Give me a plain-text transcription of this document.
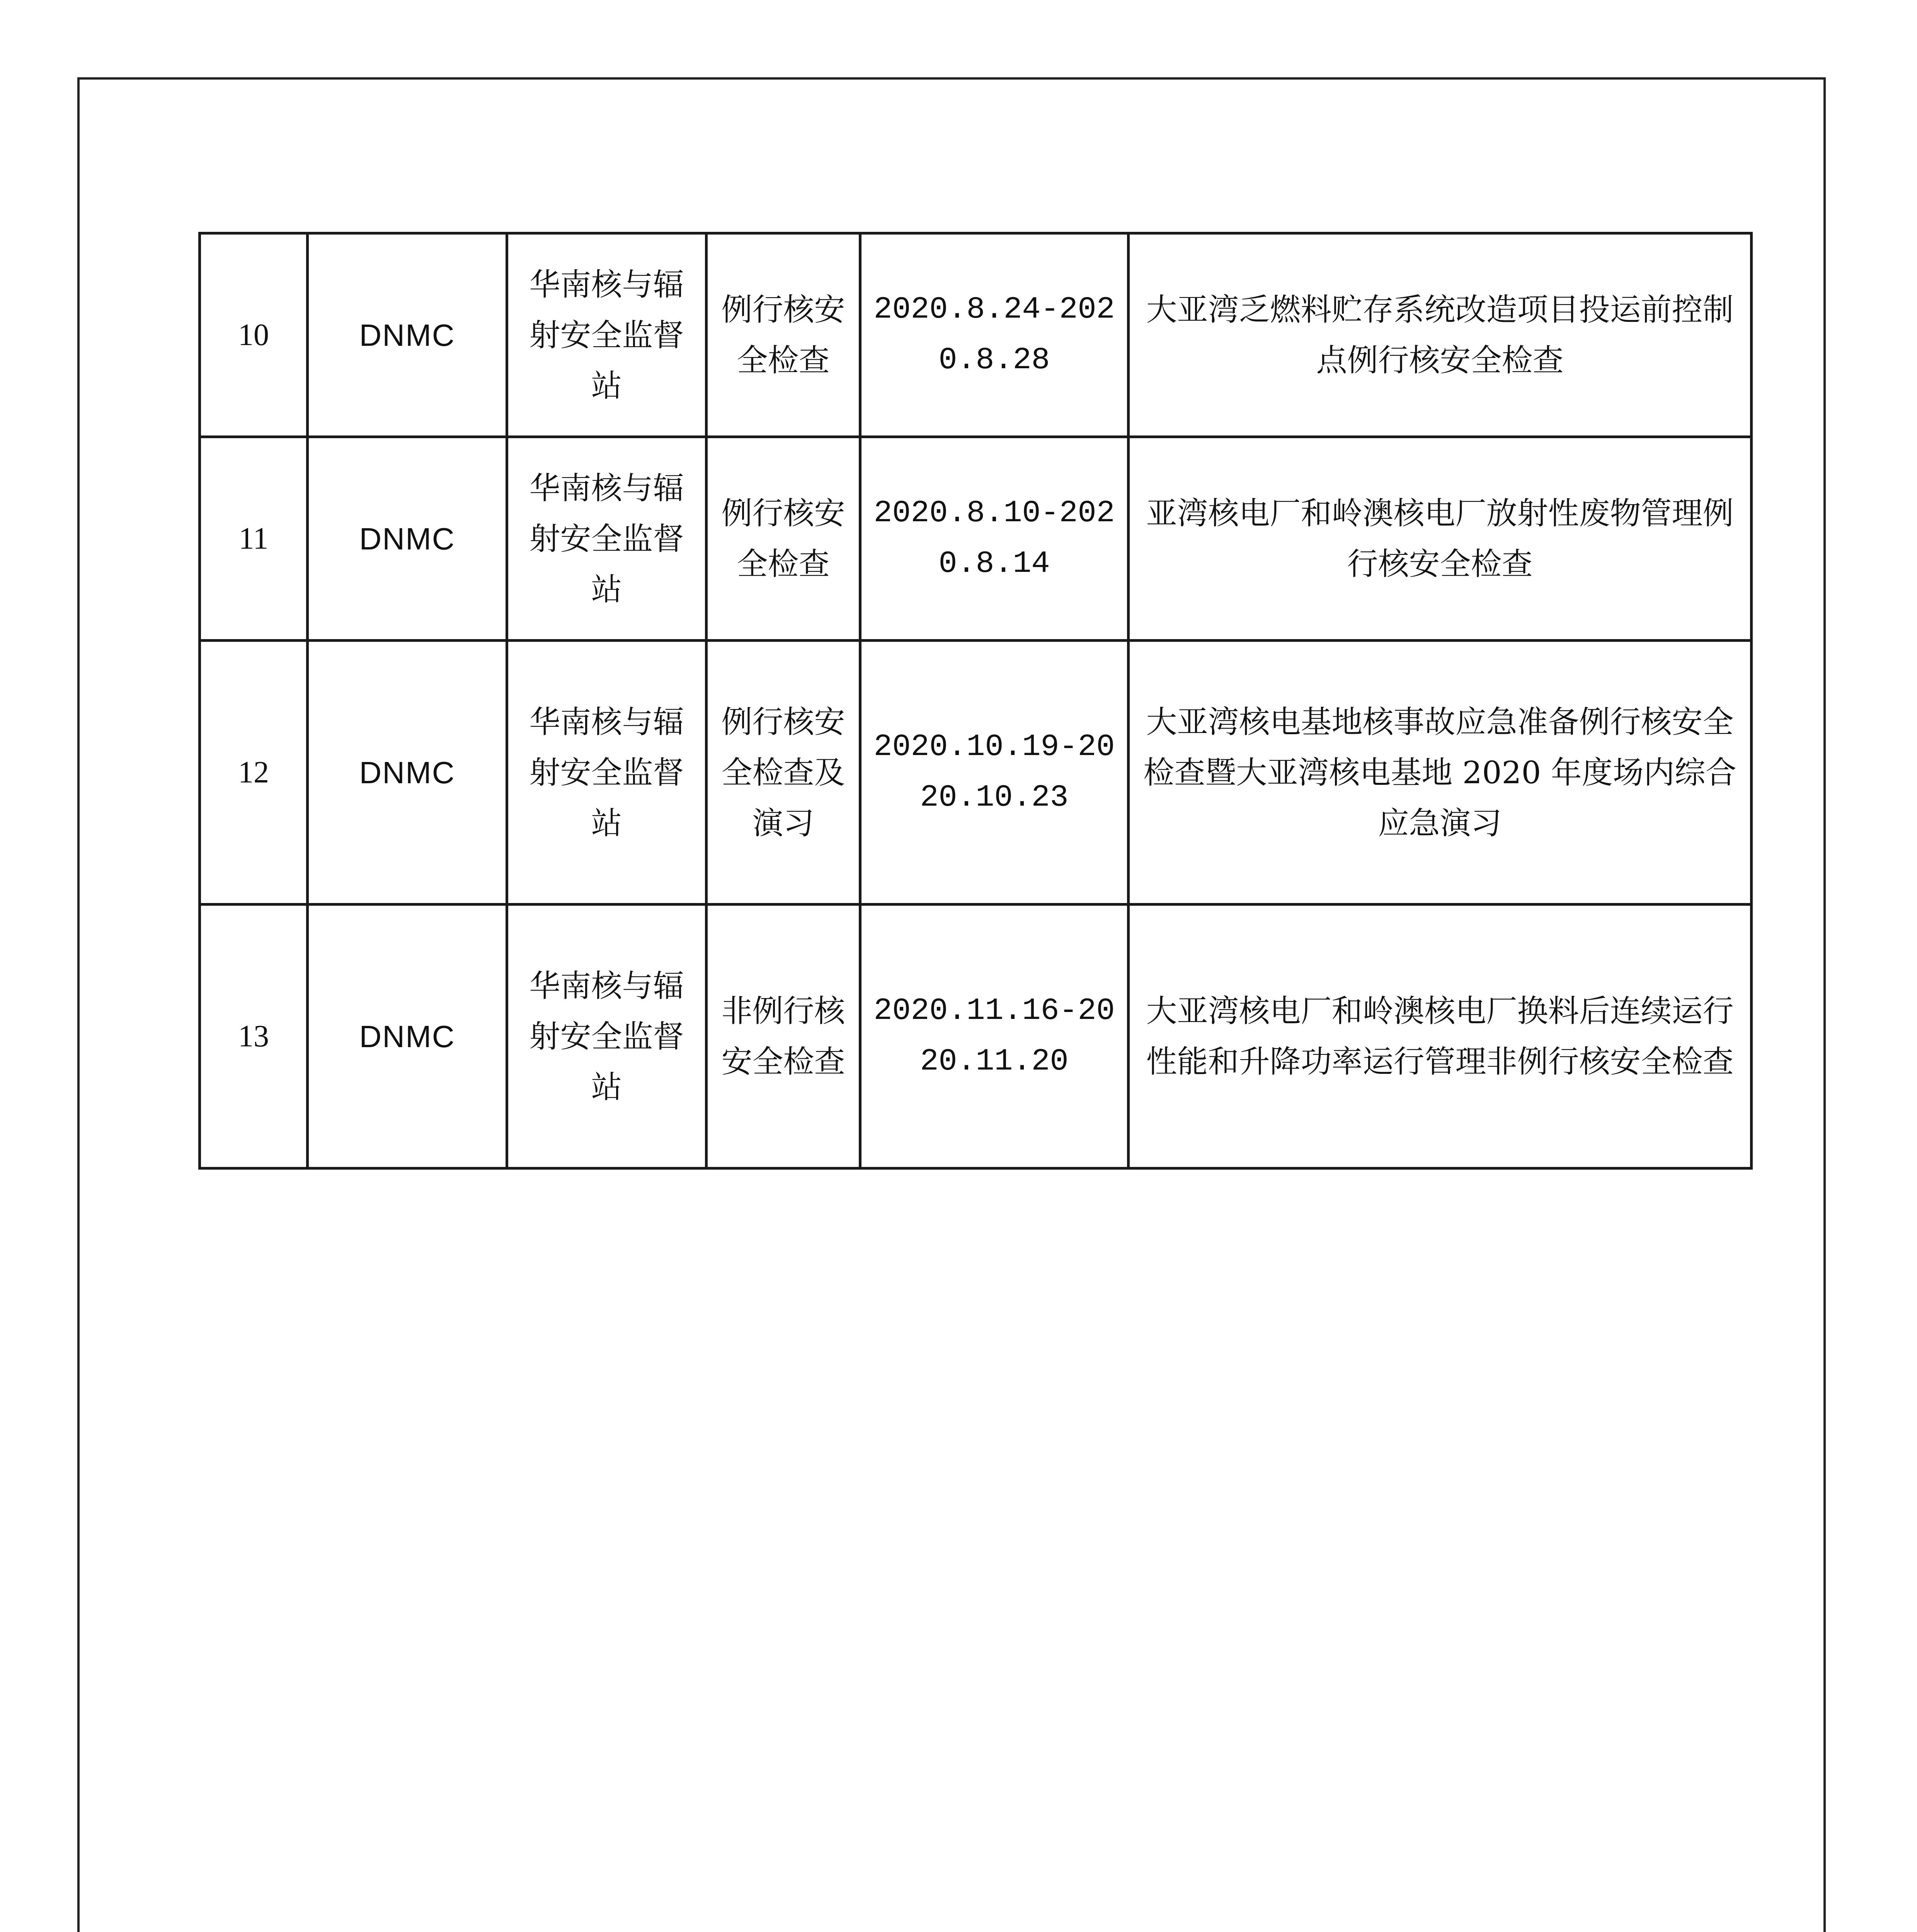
10	DNMC	华南核与辐射安全监督站	例行核安全检查	2020.8.24-2020.8.28	大亚湾乏燃料贮存系统改造项目投运前控制点例行核安全检查
11	DNMC	华南核与辐射安全监督站	例行核安全检查	2020.8.10-2020.8.14	亚湾核电厂和岭澳核电厂放射性废物管理例行核安全检查
12	DNMC	华南核与辐射安全监督站	例行核安全检查及演习	2020.10.19-2020.10.23	大亚湾核电基地核事故应急准备例行核安全检查暨大亚湾核电基地 2020 年度场内综合应急演习
13	DNMC	华南核与辐射安全监督站	非例行核安全检查	2020.11.16-2020.11.20	大亚湾核电厂和岭澳核电厂换料后连续运行性能和升降功率运行管理非例行核安全检查
